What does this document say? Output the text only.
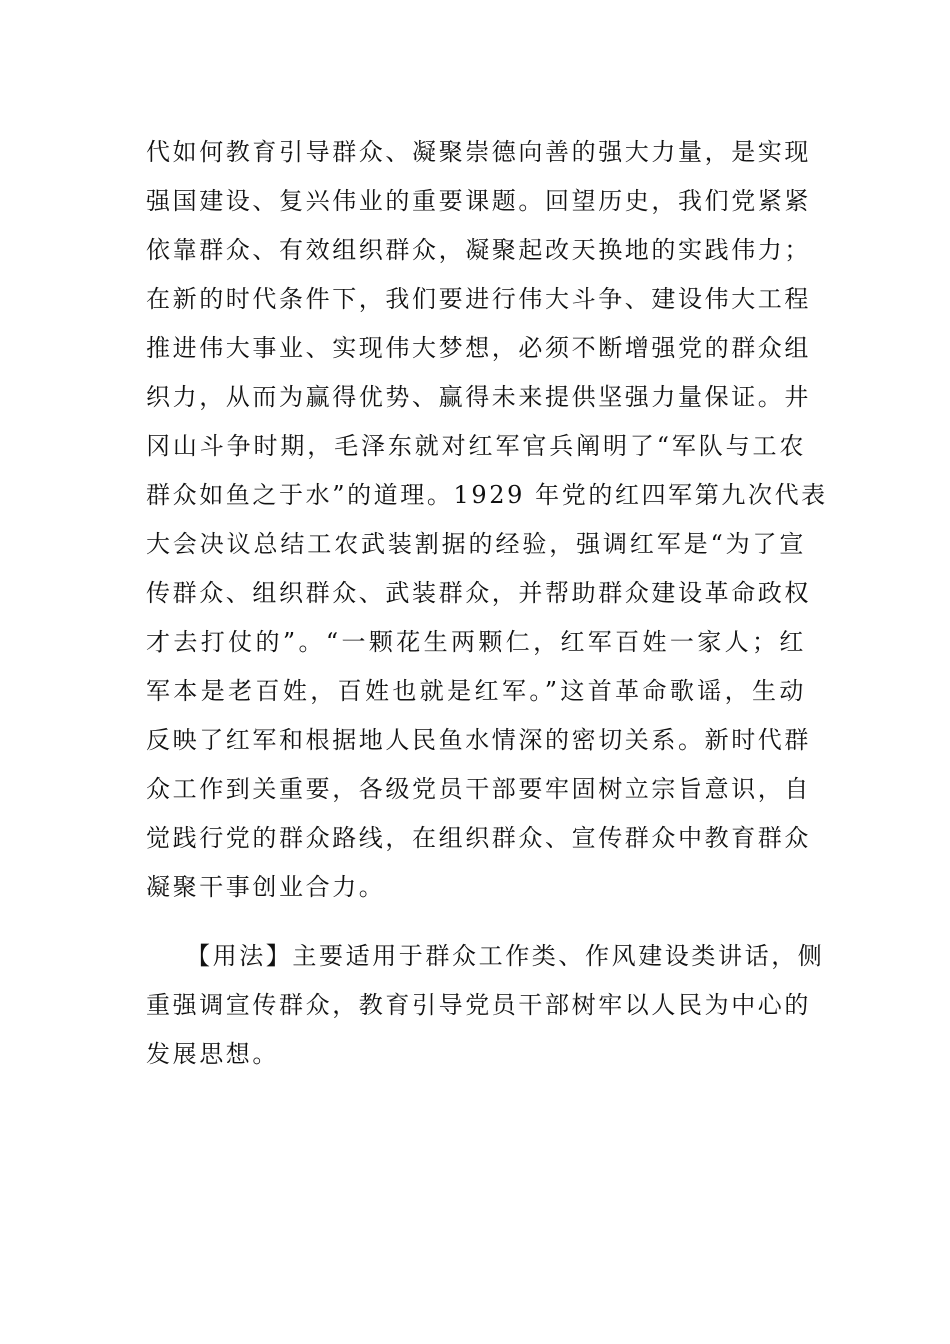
代如何教育引导群众、凝聚崇德向善的强大力量，是实现
强国建设、复兴伟业的重要课题。回望历史，我们党紧紧
依靠群众、有效组织群众，凝聚起改天换地的实践伟力；
在新的时代条件下，我们要进行伟大斗争、建设伟大工程
推进伟大事业、实现伟大梦想，必须不断增强党的群众组
织力，从而为赢得优势、赢得未来提供坚强力量保证。井
冈山斗争时期，毛泽东就对红军官兵阐明了“军队与工农
群众如鱼之于水”的道理。1929 年党的红四军第九次代表
大会决议总结工农武装割据的经验，强调红军是“为了宣
传群众、组织群众、武装群众，并帮助群众建设革命政权
才去打仗的”。“一颗花生两颗仁，红军百姓一家人；红
军本是老百姓，百姓也就是红军。”这首革命歌谣，生动
反映了红军和根据地人民鱼水情深的密切关系。新时代群
众工作到关重要，各级党员干部要牢固树立宗旨意识，自
觉践行党的群众路线，在组织群众、宣传群众中教育群众
凝聚干事创业合力。
【用法】主要适用于群众工作类、作风建设类讲话，侧
重强调宣传群众，教育引导党员干部树牢以人民为中心的
发展思想。
